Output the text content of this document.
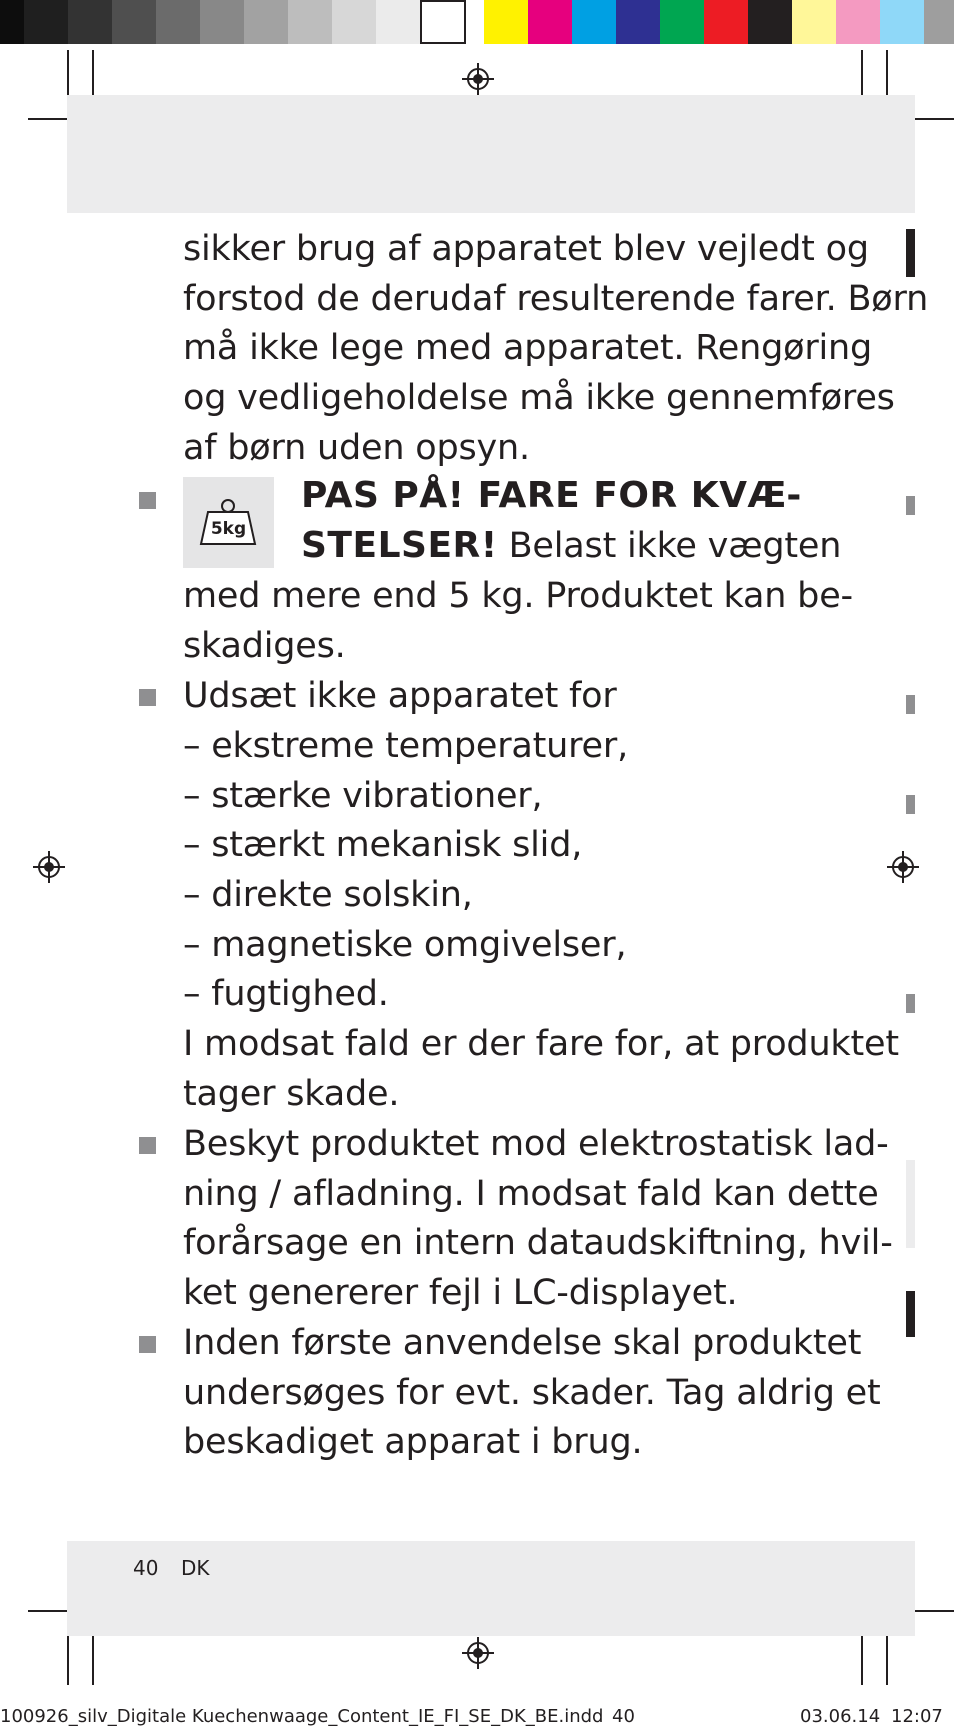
sikker brug af apparatet blev vejledt og
forstod de derudaf resulterende farer. Børn
må ikke lege med apparatet. Rengøring
og vedligeholdelse må ikke gennemføres
af børn uden opsyn.
5kg
PAS PÅ! FARE FOR KVÆ-
STELSER! Belast ikke vægten
med mere end 5 kg. Produktet kan be-
skadiges.
Udsæt ikke apparatet for
– ekstreme temperaturer,
– stærke vibrationer,
– stærkt mekanisk slid,
– direkte solskin,
– magnetiske omgivelser,
– fugtighed.
I modsat fald er der fare for, at produktet
tager skade.
Beskyt produktet mod elektrostatisk lad-
ning / afladning. I modsat fald kan dette
forårsage en intern dataudskiftning, hvil-
ket genererer fejl i LC-displayet.
Inden første anvendelse skal produktet
undersøges for evt. skader. Tag aldrig et
beskadiget apparat i brug.
40 DK
100926_silv_Digitale Kuechenwaage_Content_IE_FI_SE_DK_BE.indd 40	03.06.14 12:07
